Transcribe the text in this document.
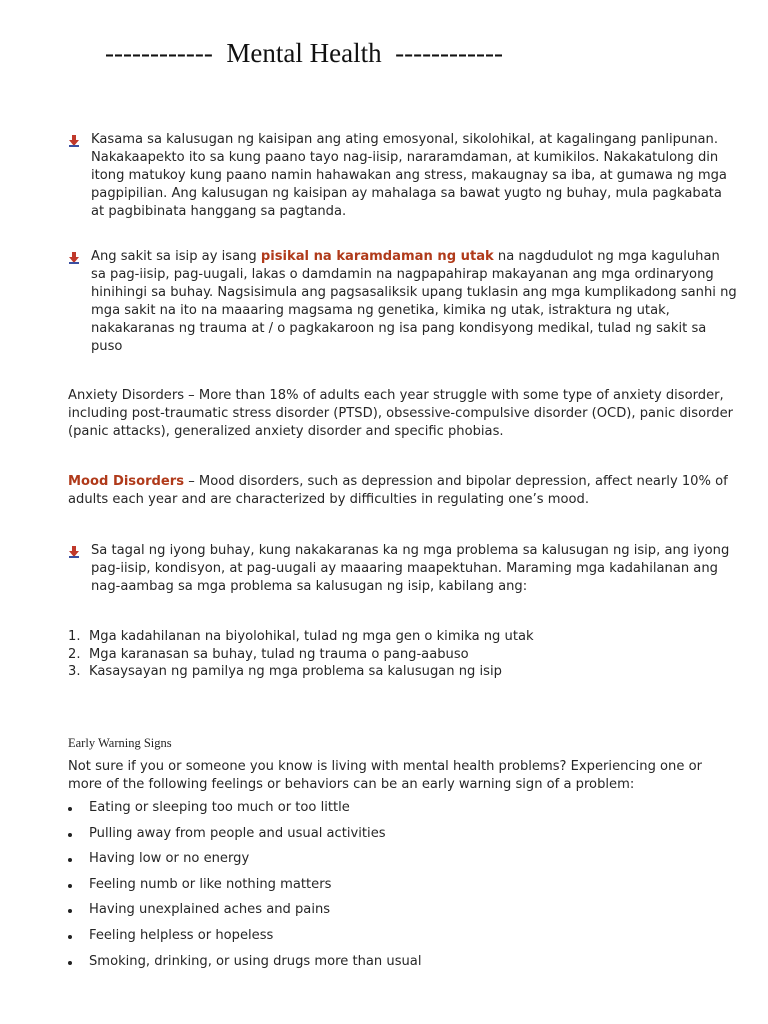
------------  Mental Health  ------------
Kasama sa kalusugan ng kaisipan ang ating emosyonal, sikolohikal, at kagalingang panlipunan. Nakakaapekto ito sa kung paano tayo nag-iisip, nararamdaman, at kumikilos. Nakakatulong din itong matukoy kung paano namin hahawakan ang stress, makaugnay sa iba, at gumawa ng mga pagpipilian. Ang kalusugan ng kaisipan ay mahalaga sa bawat yugto ng buhay, mula pagkabata at pagbibinata hanggang sa pagtanda.
Ang sakit sa isip ay isang pisikal na karamdaman ng utak na nagdudulot ng mga kaguluhan sa pag-iisip, pag-uugali, lakas o damdamin na nagpapahirap makayanan ang mga ordinaryong hinihingi sa buhay. Nagsisimula ang pagsasaliksik upang tuklasin ang mga kumplikadong sanhi ng mga sakit na ito na maaaring magsama ng genetika, kimika ng utak, istraktura ng utak, nakakaranas ng trauma at / o pagkakaroon ng isa pang kondisyong medikal, tulad ng sakit sa puso
Anxiety Disorders – More than 18% of adults each year struggle with some type of anxiety disorder, including post-traumatic stress disorder (PTSD), obsessive-compulsive disorder (OCD), panic disorder (panic attacks), generalized anxiety disorder and specific phobias.
Mood Disorders – Mood disorders, such as depression and bipolar depression, affect nearly 10% of adults each year and are characterized by difficulties in regulating one’s mood.
Sa tagal ng iyong buhay, kung nakakaranas ka ng mga problema sa kalusugan ng isip, ang iyong pag-iisip, kondisyon, at pag-uugali ay maaaring maapektuhan. Maraming mga kadahilanan ang nag-aambag sa mga problema sa kalusugan ng isip, kabilang ang:
1. Mga kadahilanan na biyolohikal, tulad ng mga gen o kimika ng utak
2. Mga karanasan sa buhay, tulad ng trauma o pang-aabuso
3. Kasaysayan ng pamilya ng mga problema sa kalusugan ng isip
Early Warning Signs
Not sure if you or someone you know is living with mental health problems? Experiencing one or more of the following feelings or behaviors can be an early warning sign of a problem:
Eating or sleeping too much or too little
Pulling away from people and usual activities
Having low or no energy
Feeling numb or like nothing matters
Having unexplained aches and pains
Feeling helpless or hopeless
Smoking, drinking, or using drugs more than usual
